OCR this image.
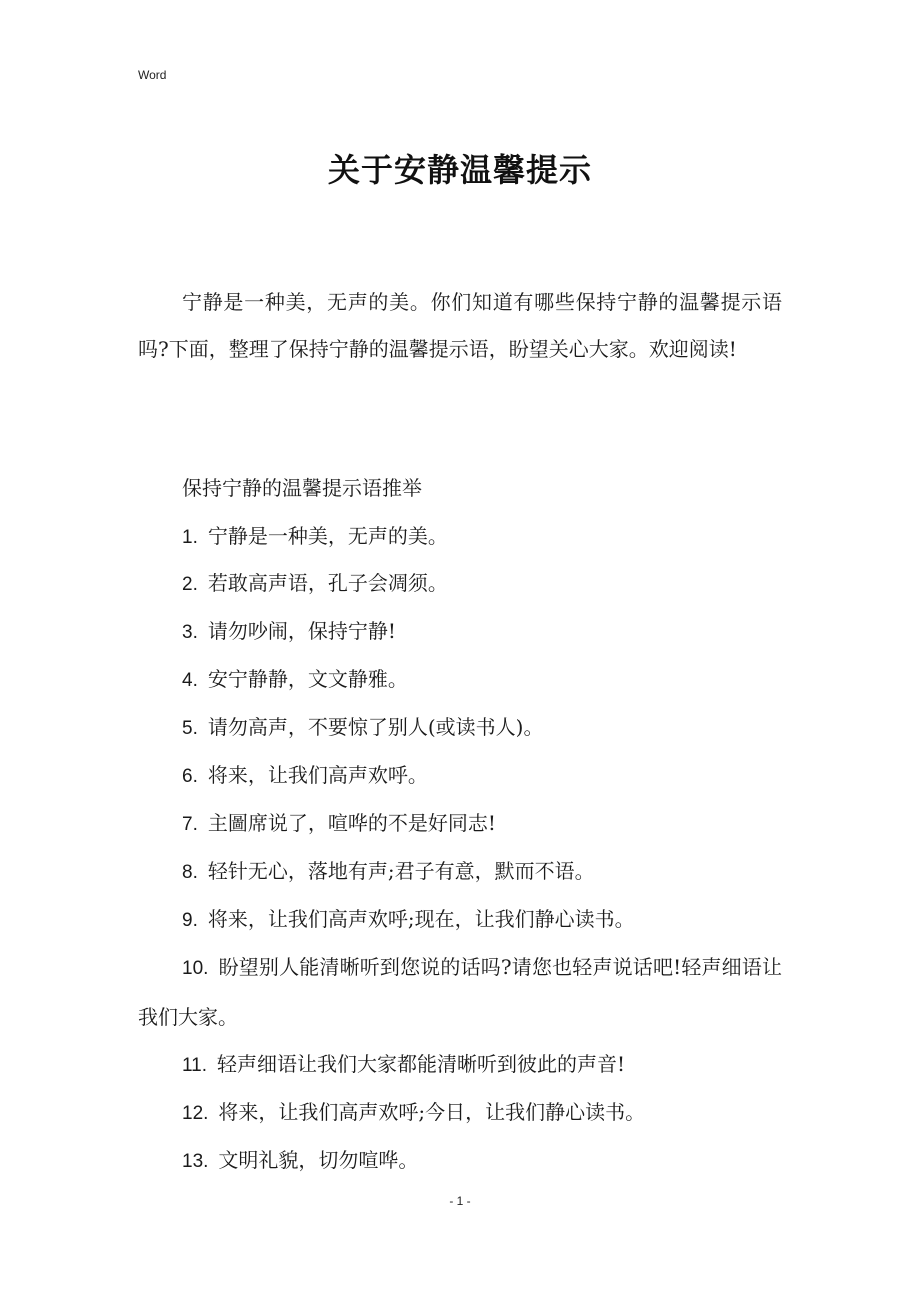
Word
关于安静温馨提示

宁静是一种美，无声的美。你们知道有哪些保持宁静的温馨提示语吗?下面，整理了保持宁静的温馨提示语，盼望关心大家。欢迎阅读!

保持宁静的温馨提示语推举

1. 宁静是一种美，无声的美。

2. 若敢高声语，孔子会凋须。

3. 请勿吵闹，保持宁静!

4. 安宁静静，文文静雅。

5. 请勿高声，不要惊了别人(或读书人)。

6. 将来，让我们高声欢呼。

7. 主圖席说了，喧哗的不是好同志!

8. 轻针无心，落地有声;君子有意，默而不语。

9. 将来，让我们高声欢呼;现在，让我们静心读书。

10. 盼望别人能清晰听到您说的话吗?请您也轻声说话吧!轻声细语让我们大家。

11. 轻声细语让我们大家都能清晰听到彼此的声音!

12. 将来，让我们高声欢呼;今日，让我们静心读书。

13. 文明礼貌，切勿喧哗。

- 1 -
